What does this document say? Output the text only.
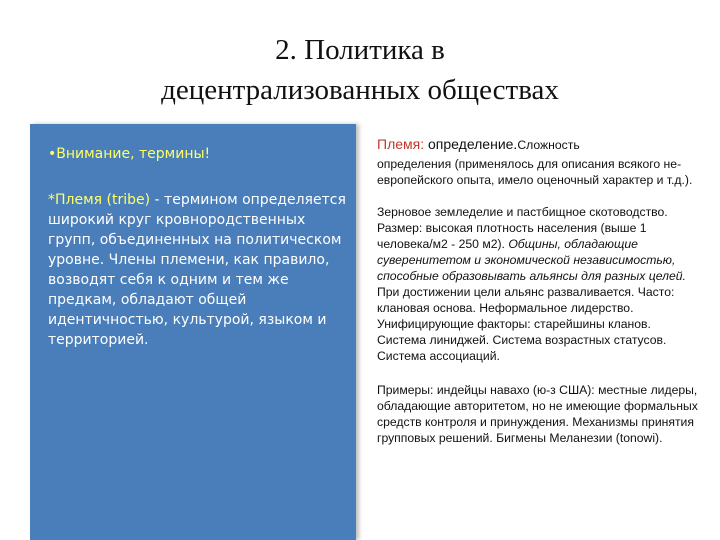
2. Политика в
децентрализованных обществах
•Внимание, термины!
*Племя (tribe) - термином определяется широкий круг кровнородственных групп, объединенных на политическом уровне. Члены племени, как правило, возводят себя к одним и тем же предкам, обладают общей идентичностью, культурой, языком и территорией.

Племя: определение.Сложность

определения (применялось для описания всякого не-европейского опыта, имело оценочный характер и т.д.).

Зерновое земледелие и пастбищное скотоводство. Размер: высокая плотность населения (выше 1 человека/м2 - 250 м2). Общины, обладающие суверенитетом и экономической независимостью, способные образовывать альянсы для разных целей. При достижении цели альянс разваливается. Часто: клановая основа. Неформальное лидерство. Унифицирующие факторы: старейшины кланов. Система линиджей. Система возрастных статусов. Система ассоциаций.

Примеры: индейцы навахо (ю-з США): местные лидеры, обладающие авторитетом, но не имеющие формальных средств контроля и принуждения. Механизмы принятия групповых решений. Бигмены Меланезии (tonowi).
